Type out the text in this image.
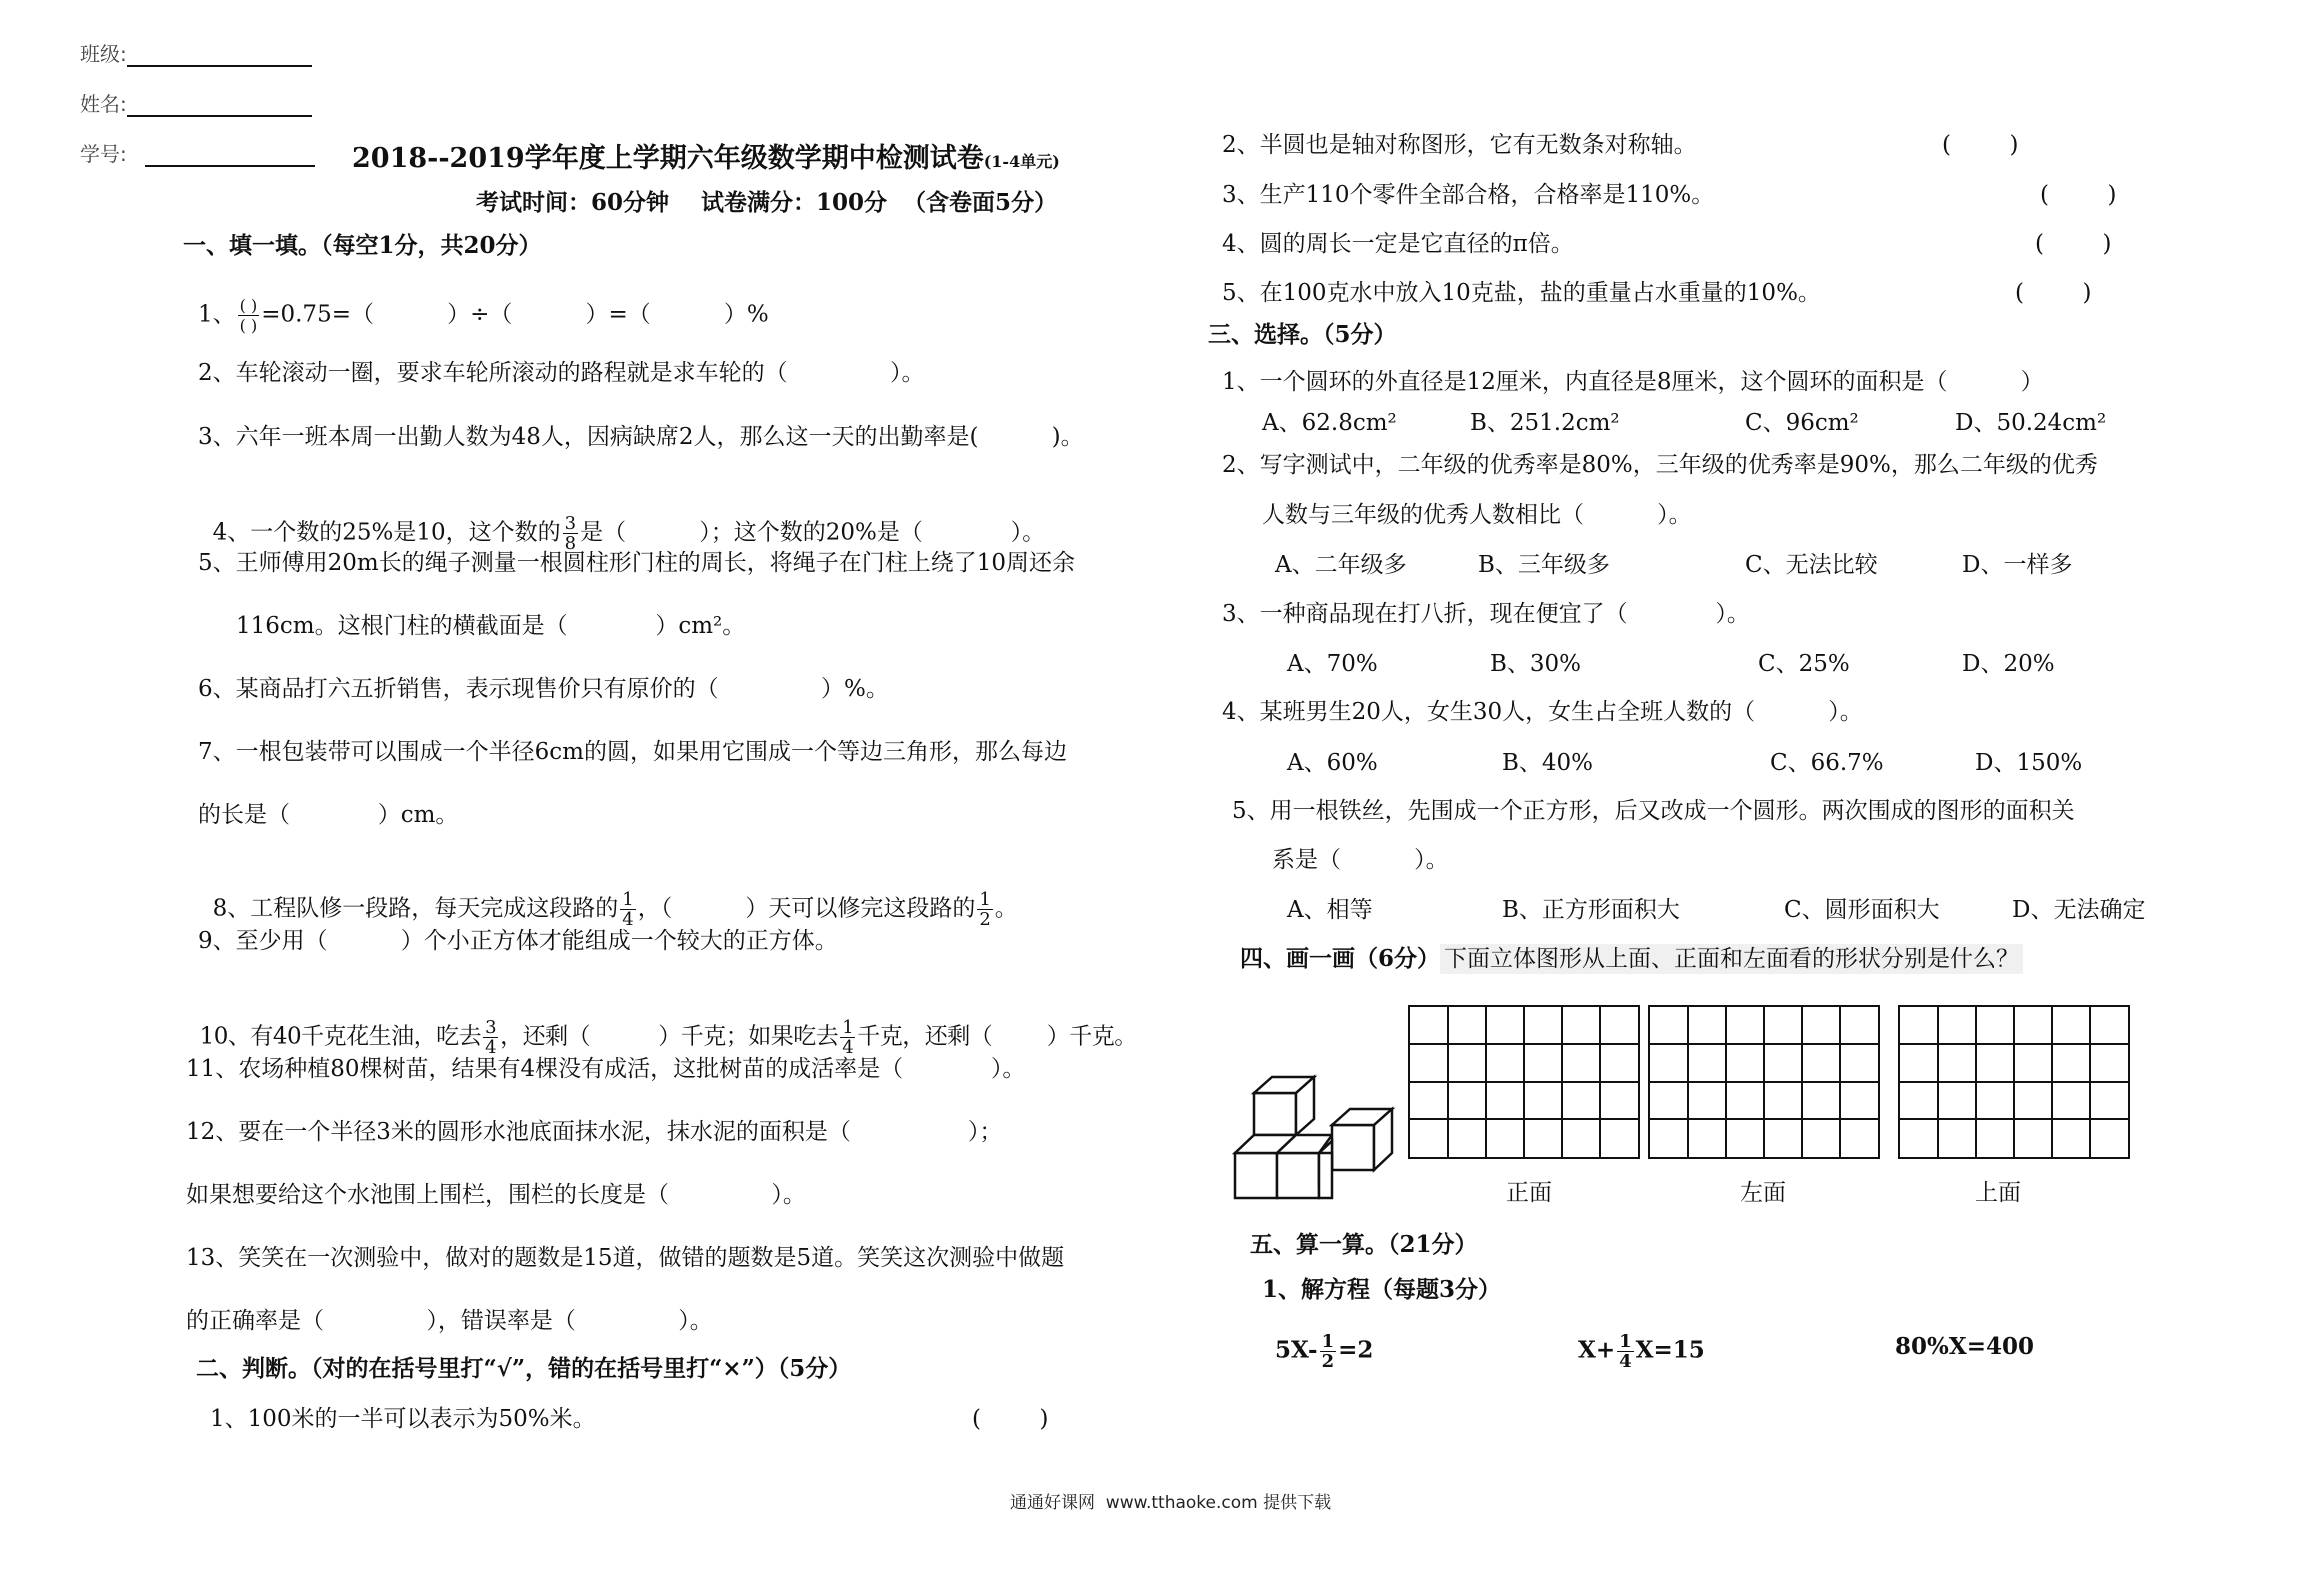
班级:
姓名:
学号:	2018--2019学年度上学期六年级数学期中检测试卷(1-4单元)
考试时间：60分钟    试卷满分：100分  （含卷面5分）
一、填一填。（每空1分，共20分）
1、 $\frac{( )}{( )} =0.75=$（          ）÷（          ）=（          ）%
2、车轮滚动一圈，要求车轮所滚动的路程就是求车轮的（              ）。
3、六年一班本周一出勤人数为48人，因病缺席2人，那么这一天的出勤率是(          )。

4、一个数的25%是10，这个数的 $\frac{3}{8}$ 是（          ）；这个数的20%是（            ）。

5、王师傅用20m长的绳子测量一根圆柱形门柱的周长，将绳子在门柱上绕了10周还余
116cm。这根门柱的横截面是（            ）cm²。
6、某商品打六五折销售，表示现售价只有原价的（              ）%。
7、一根包装带可以围成一个半径6cm的圆，如果用它围成一个等边三角形，那么每边
的长是（            ）cm。

8、工程队修一段路，每天完成这段路的 $\frac{1}{4}$ ，（          ）天可以修完这段路的 $\frac{1}{2}$ 。

9、至少用（          ）个小正方体才能组成一个较大的正方体。

10、有40千克花生油，吃去 $\frac{3}{4}$ ，还剩（          ）千克；如果吃去 $\frac{1}{4}$ 千克，还剩（        ）千克。

11、农场种植80棵树苗，结果有4棵没有成活，这批树苗的成活率是（            ）。
12、要在一个半径3米的圆形水池底面抹水泥，抹水泥的面积是（                ）；
如果想要给这个水池围上围栏，围栏的长度是（              ）。
13、笑笑在一次测验中，做对的题数是15道，做错的题数是5道。笑笑这次测验中做题
的正确率是（              ），错误率是（              ）。
二、判断。（对的在括号里打“√”，错的在括号里打“×”）（5分）
1、100米的一半可以表示为50%米。	(        )
2、半圆也是轴对称图形，它有无数条对称轴。	(        )
3、生产110个零件全部合格，合格率是110%。	(        )
4、圆的周长一定是它直径的π倍。	(        )
5、在100克水中放入10克盐，盐的重量占水重量的10%。	(        )
三、选择。（5分）
1、一个圆环的外直径是12厘米，内直径是8厘米，这个圆环的面积是（          ）
A、62.8cm²	B、251.2cm²	C、96cm²	D、50.24cm²
2、写字测试中，二年级的优秀率是80%，三年级的优秀率是90%，那么二年级的优秀
人数与三年级的优秀人数相比（          ）。
A、二年级多	B、三年级多	C、无法比较	D、一样多
3、一种商品现在打八折，现在便宜了（            ）。
A、70%	B、30%	C、25%	D、20%
4、某班男生20人，女生30人，女生占全班人数的（          ）。
A、60%	B、40%	C、66.7%	D、150%
5、用一根铁丝，先围成一个正方形，后又改成一个圆形。两次围成的图形的面积关
系是（          ）。
A、相等	B、正方形面积大	C、圆形面积大	D、无法确定
四、画一画（6分） 下面立体图形从上面、正面和左面看的形状分别是什么？
正面	左面	上面
五、算一算。（21分）
1、解方程（每题3分）
$5X- \frac{1}{2} =2$	$X+ \frac{1}{4} X=15$	80%X=400
通通好课网  www.tthaoke.com 提供下载
